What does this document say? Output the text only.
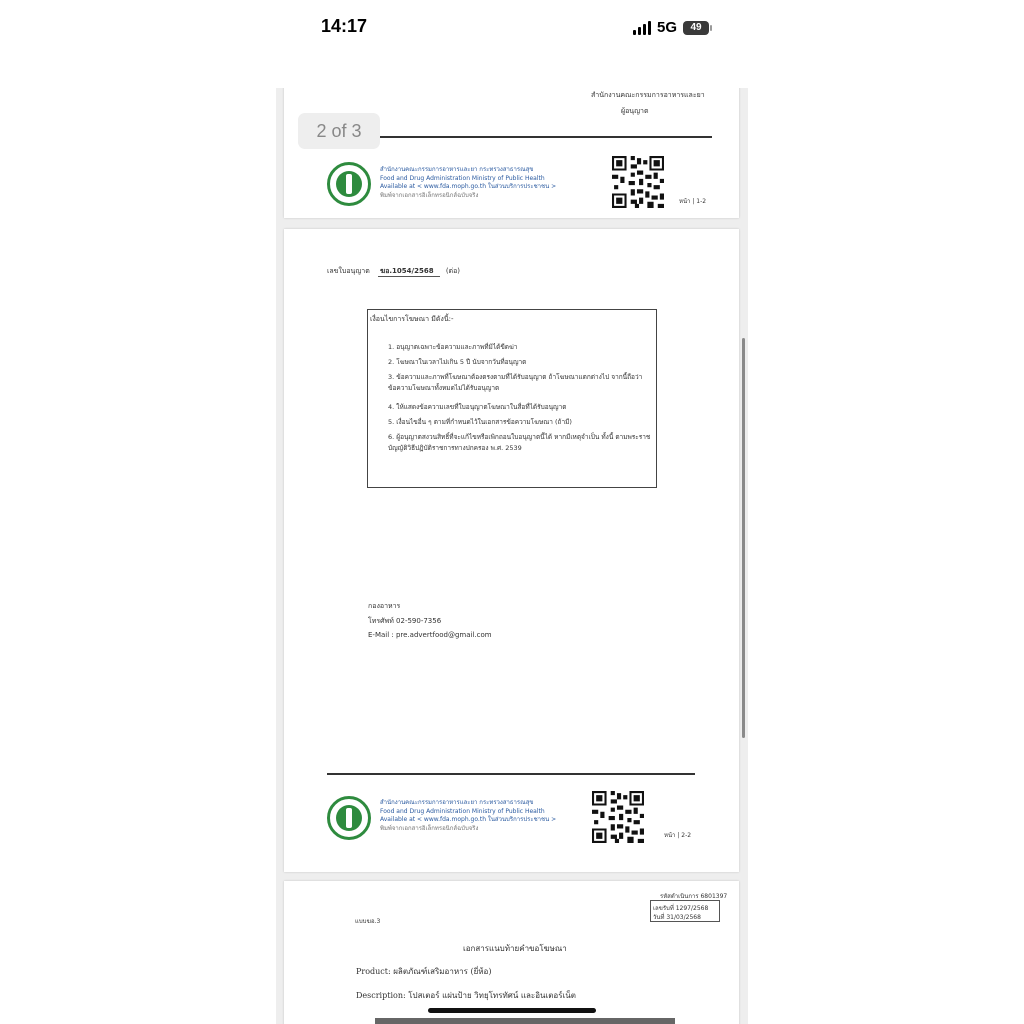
14:17	5G	49
สำนักงานคณะกรรมการอาหารและยา
ผู้อนุญาต
สำนักงานคณะกรรมการอาหารและยา กระทรวงสาธารณสุข
Food and Drug Administration Ministry of Public Health
Available at < www.fda.moph.go.th ในส่วนบริการประชาชน >
พิมพ์จากเอกสารอิเล็กทรอนิกส์ฉบับจริง
หน้า | 1-2
เลขใบอนุญาต ฆอ.1054/2568 (ต่อ)
เงื่อนไขการโฆษณา มีดังนี้:-
1. อนุญาตเฉพาะข้อความและภาพที่มิได้ขีดฆ่า
2. โฆษณาในเวลาไม่เกิน 5 ปี นับจากวันที่อนุญาต
3. ข้อความและภาพที่โฆษณาต้องตรงตามที่ได้รับอนุญาต ถ้าโฆษณาแตกต่างไป จากนี้ถือว่าข้อความโฆษณาทั้งหมดไม่ได้รับอนุญาต
4. ให้แสดงข้อความเลขที่ใบอนุญาตโฆษณาในสื่อที่ได้รับอนุญาต
5. เงื่อนไขอื่น ๆ ตามที่กำหนดไว้ในเอกสารข้อความโฆษณา (ถ้ามี)
6. ผู้อนุญาตสงวนสิทธิ์ที่จะแก้ไขหรือเพิกถอนใบอนุญาตนี้ได้ หากมีเหตุจำเป็น ทั้งนี้ ตามพระราชบัญญัติวิธีปฏิบัติราชการทางปกครอง พ.ศ. 2539
กองอาหาร
โทรศัพท์ 02-590-7356
E-Mail : pre.advertfood@gmail.com
สำนักงานคณะกรรมการอาหารและยา กระทรวงสาธารณสุข
Food and Drug Administration Ministry of Public Health
Available at < www.fda.moph.go.th ในส่วนบริการประชาชน >
พิมพ์จากเอกสารอิเล็กทรอนิกส์ฉบับจริง
หน้า | 2-2
รหัสดำเนินการ 6801397
เลขรับที่ 1297/2568
วันที่ 31/03/2568
แบบฆอ.3
เอกสารแนบท้ายคำขอโฆษณา
Product: ผลิตภัณฑ์เสริมอาหาร (ยี่ห้อ)
Description: โปสเตอร์ แผ่นป้าย วิทยุโทรทัศน์ และอินเตอร์เน็ต
2 of 3
